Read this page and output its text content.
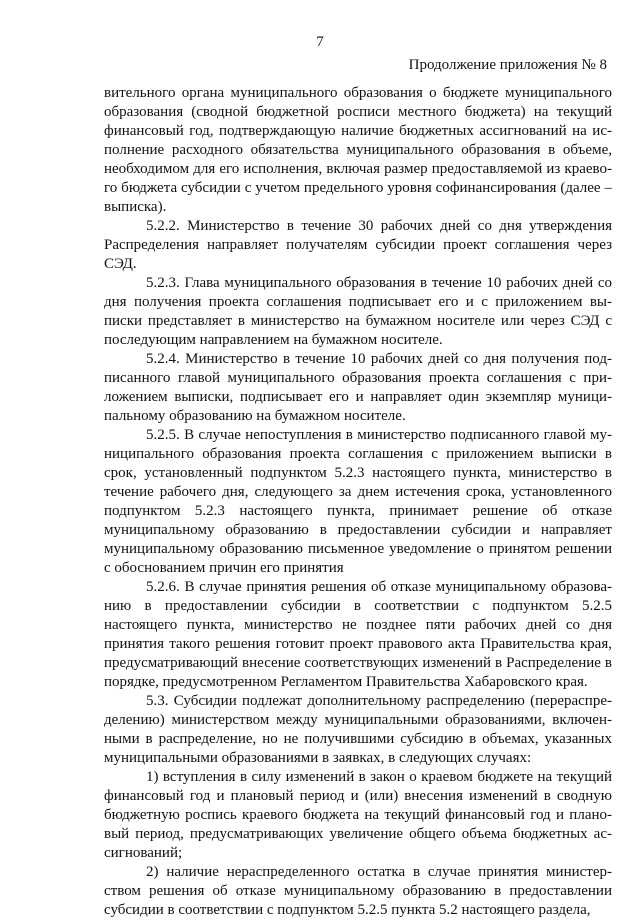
7
Продолжение приложения № 8

вительного органа муниципального образования о бюджете муниципального образования (сводной бюджетной росписи местного бюджета) на текущий финансовый год, подтверждающую наличие бюджетных ассигнований на исполнение расходного обязательства муниципального образования в объеме, необходимом для его исполнения, включая размер предоставляемой из краевого бюджета субсидии с учетом предельного уровня софинансирования (далее – выписка).

5.2.2. Министерство в течение 30 рабочих дней со дня утверждения Распределения направляет получателям субсидии проект соглашения через СЭД.

5.2.3. Глава муниципального образования в течение 10 рабочих дней со дня получения проекта соглашения подписывает его и с приложением выписки представляет в министерство на бумажном носителе или через СЭД с последующим направлением на бумажном носителе.

5.2.4. Министерство в течение 10 рабочих дней со дня получения подписанного главой муниципального образования проекта соглашения с приложением выписки, подписывает его и направляет один экземпляр муниципальному образованию на бумажном носителе.

5.2.5. В случае непоступления в министерство подписанного главой муниципального образования проекта соглашения с приложением выписки в срок, установленный подпунктом 5.2.3 настоящего пункта, министерство в течение рабочего дня, следующего за днем истечения срока, установленного подпунктом 5.2.3 настоящего пункта, принимает решение об отказе муниципальному образованию в предоставлении субсидии и направляет муниципальному образованию письменное уведомление о принятом решении с обоснованием причин его принятия

5.2.6. В случае принятия решения об отказе муниципальному образованию в предоставлении субсидии в соответствии с подпунктом 5.2.5 настоящего пункта, министерство не позднее пяти рабочих дней со дня принятия такого решения готовит проект правового акта Правительства края, предусматривающий внесение соответствующих изменений в Распределение в порядке, предусмотренном Регламентом Правительства Хабаровского края.

5.3. Субсидии подлежат дополнительному распределению (перераспределению) министерством между муниципальными образованиями, включенными в распределение, но не получившими субсидию в объемах, указанных муниципальными образованиями в заявках, в следующих случаях:

1) вступления в силу изменений в закон о краевом бюджете на текущий финансовый год и плановый период и (или) внесения изменений в сводную бюджетную роспись краевого бюджета на текущий финансовый год и плановый период, предусматривающих увеличение общего объема бюджетных ассигнований;

2) наличие нераспределенного остатка в случае принятия министерством решения об отказе муниципальному образованию в предоставлении субсидии в соответствии с подпунктом 5.2.5 пункта 5.2 настоящего раздела,
